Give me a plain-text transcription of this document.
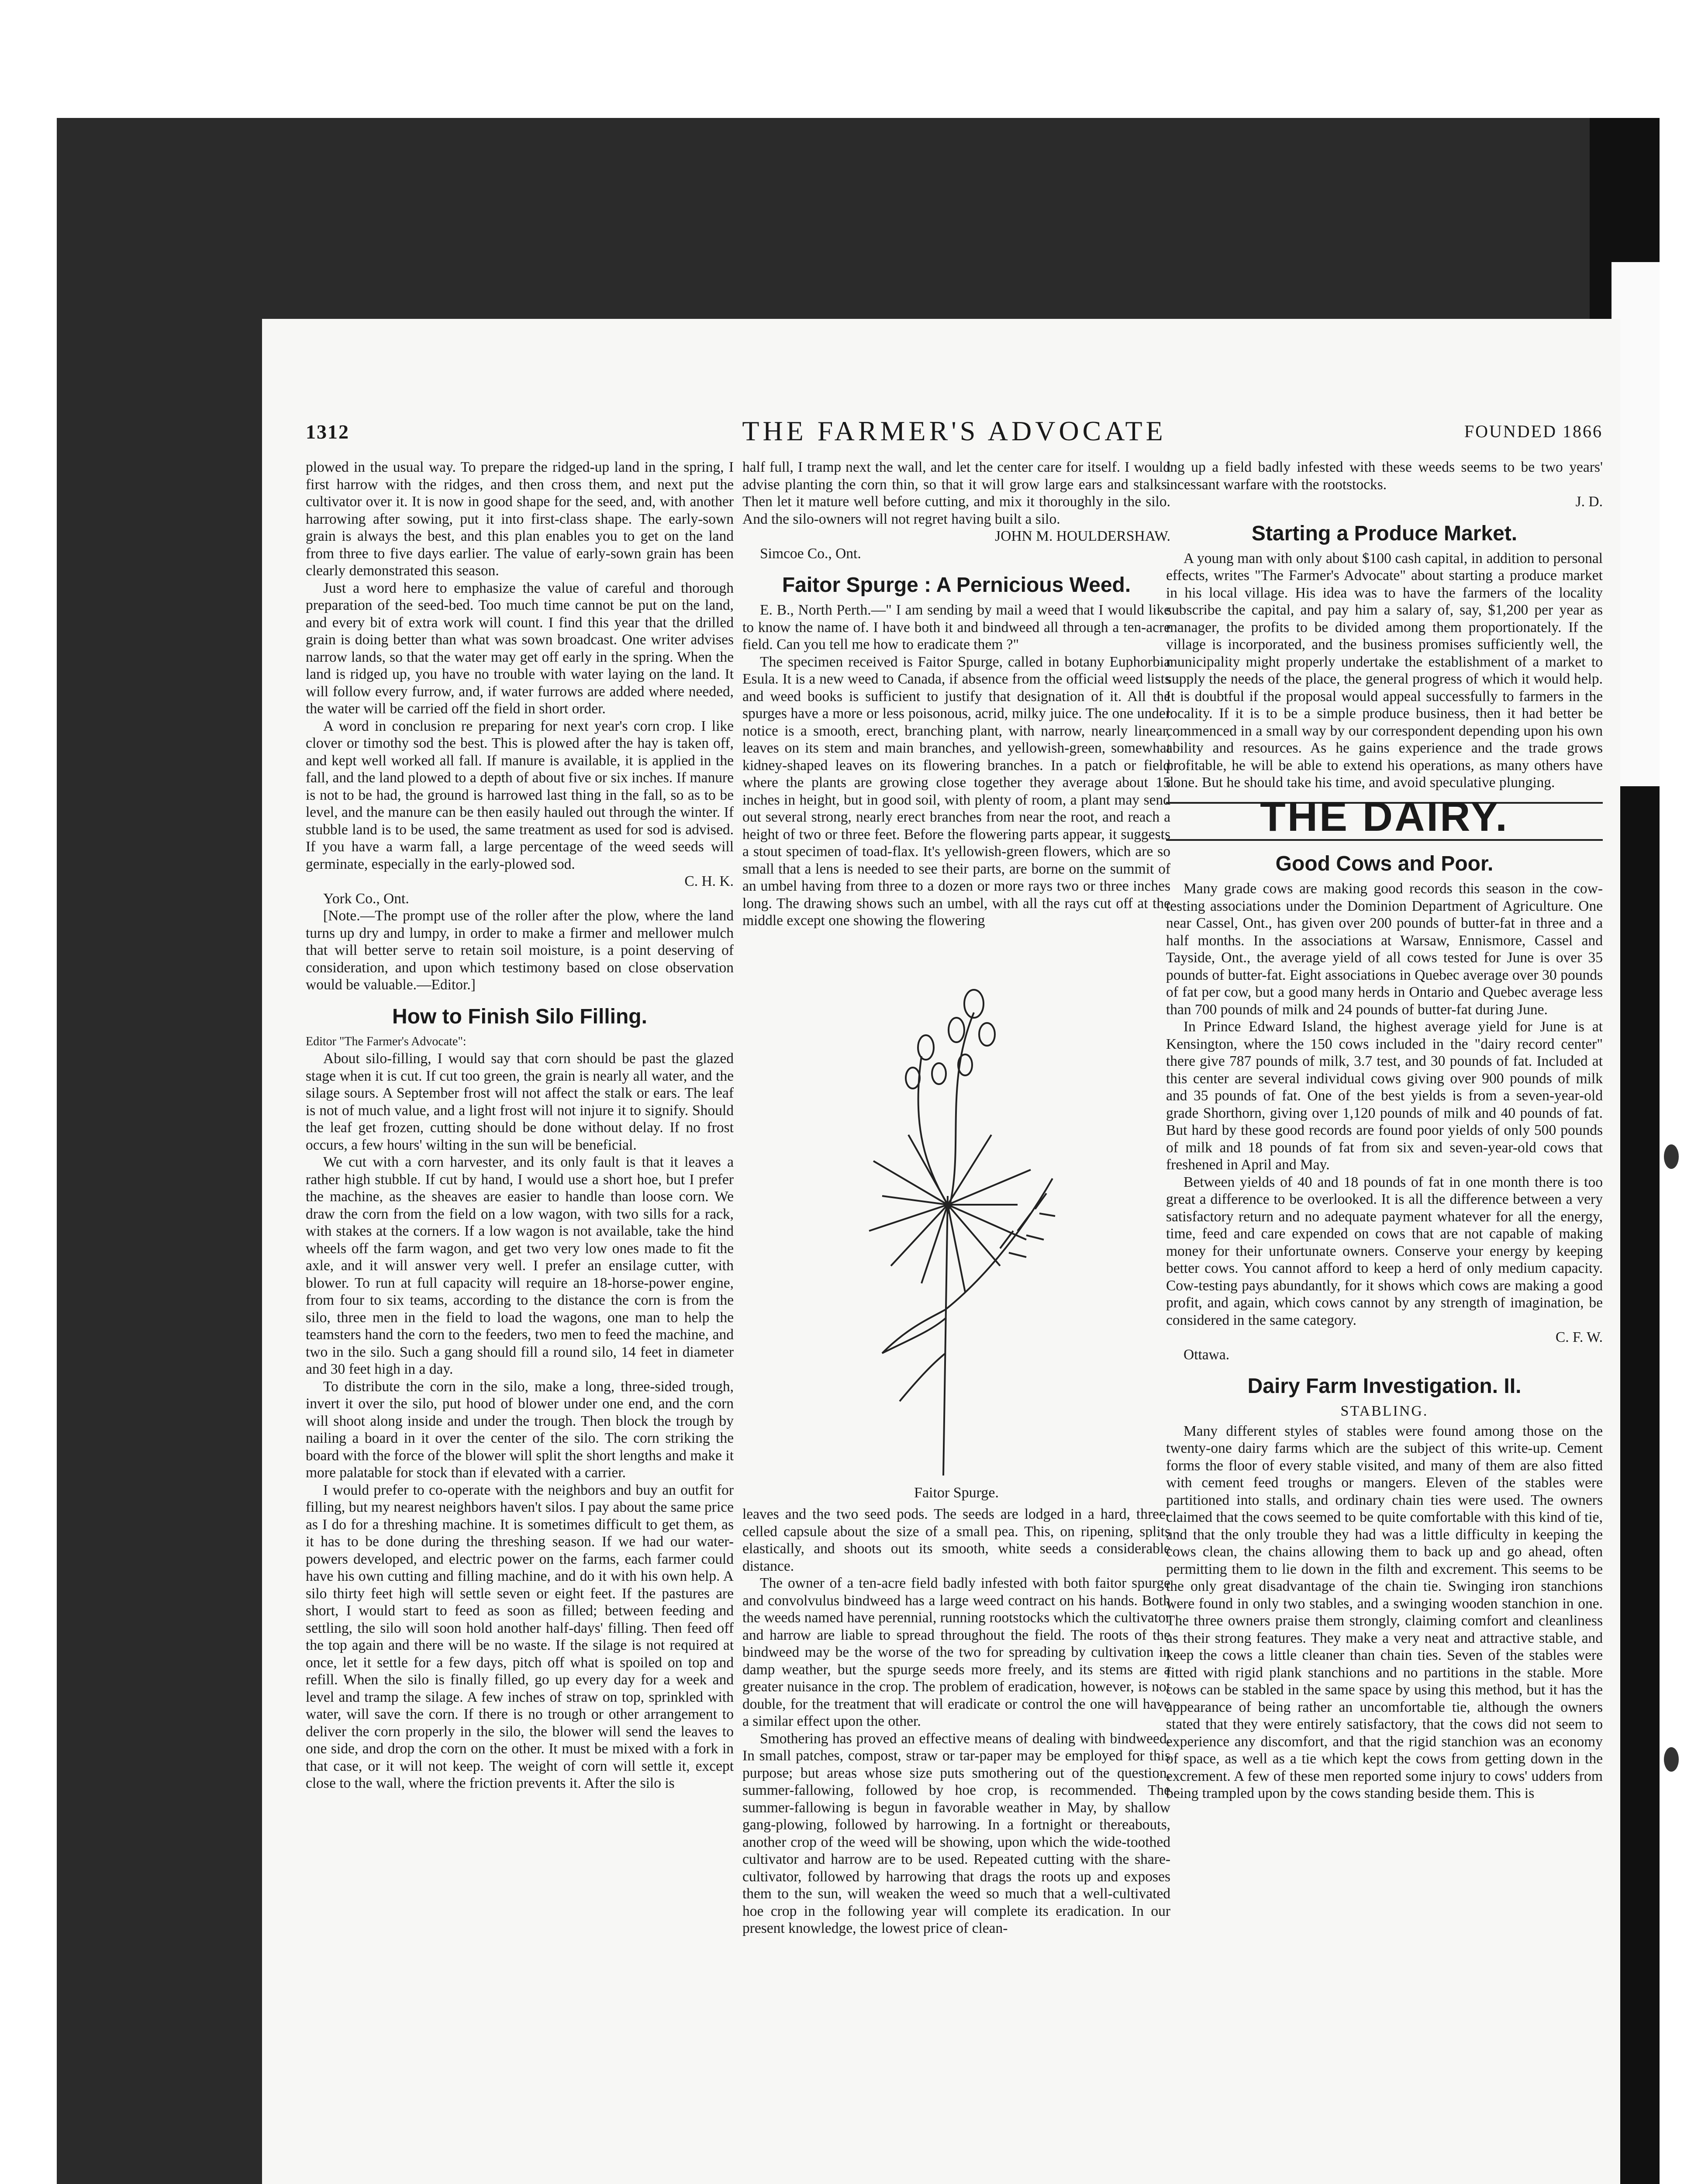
1312	THE FARMER'S ADVOCATE	FOUNDED 1866

plowed in the usual way. To prepare the ridged-up land in the spring, I first harrow with the ridges, and then cross them, and next put the cultivator over it. It is now in good shape for the seed, and, with another harrowing after sowing, put it into first-class shape. The early-sown grain is always the best, and this plan enables you to get on the land from three to five days earlier. The value of early-sown grain has been clearly demonstrated this season.

Just a word here to emphasize the value of careful and thorough preparation of the seed-bed. Too much time cannot be put on the land, and every bit of extra work will count. I find this year that the drilled grain is doing better than what was sown broadcast. One writer advises narrow lands, so that the water may get off early in the spring. When the land is ridged up, you have no trouble with water laying on the land. It will follow every furrow, and, if water furrows are added where needed, the water will be carried off the field in short order.

A word in conclusion re preparing for next year's corn crop. I like clover or timothy sod the best. This is plowed after the hay is taken off, and kept well worked all fall. If manure is available, it is applied in the fall, and the land plowed to a depth of about five or six inches. If manure is not to be had, the ground is harrowed last thing in the fall, so as to be level, and the manure can be then easily hauled out through the winter. If stubble land is to be used, the same treatment as used for sod is advised. If you have a warm fall, a large percentage of the weed seeds will germinate, especially in the early-plowed sod.

C. H. K.

York Co., Ont.

[Note.—The prompt use of the roller after the plow, where the land turns up dry and lumpy, in order to make a firmer and mellower mulch that will better serve to retain soil moisture, is a point deserving of consideration, and upon which testimony based on close observation would be valuable.—Editor.]

How to Finish Silo Filling.

Editor "The Farmer's Advocate":

About silo-filling, I would say that corn should be past the glazed stage when it is cut. If cut too green, the grain is nearly all water, and the silage sours. A September frost will not affect the stalk or ears. The leaf is not of much value, and a light frost will not injure it to signify. Should the leaf get frozen, cutting should be done without delay. If no frost occurs, a few hours' wilting in the sun will be beneficial.

We cut with a corn harvester, and its only fault is that it leaves a rather high stubble. If cut by hand, I would use a short hoe, but I prefer the machine, as the sheaves are easier to handle than loose corn. We draw the corn from the field on a low wagon, with two sills for a rack, with stakes at the corners. If a low wagon is not available, take the hind wheels off the farm wagon, and get two very low ones made to fit the axle, and it will answer very well. I prefer an ensilage cutter, with blower. To run at full capacity will require an 18-horse-power engine, from four to six teams, according to the distance the corn is from the silo, three men in the field to load the wagons, one man to help the teamsters hand the corn to the feeders, two men to feed the machine, and two in the silo. Such a gang should fill a round silo, 14 feet in diameter and 30 feet high in a day.

To distribute the corn in the silo, make a long, three-sided trough, invert it over the silo, put hood of blower under one end, and the corn will shoot along inside and under the trough. Then block the trough by nailing a board in it over the center of the silo. The corn striking the board with the force of the blower will split the short lengths and make it more palatable for stock than if elevated with a carrier.

I would prefer to co-operate with the neighbors and buy an outfit for filling, but my nearest neighbors haven't silos. I pay about the same price as I do for a threshing machine. It is sometimes difficult to get them, as it has to be done during the threshing season. If we had our water-powers developed, and electric power on the farms, each farmer could have his own cutting and filling machine, and do it with his own help. A silo thirty feet high will settle seven or eight feet. If the pastures are short, I would start to feed as soon as filled; between feeding and settling, the silo will soon hold another half-days' filling. Then feed off the top again and there will be no waste. If the silage is not required at once, let it settle for a few days, pitch off what is spoiled on top and refill. When the silo is finally filled, go up every day for a week and level and tramp the silage. A few inches of straw on top, sprinkled with water, will save the corn. If there is no trough or other arrangement to deliver the corn properly in the silo, the blower will send the leaves to one side, and drop the corn on the other. It must be mixed with a fork in that case, or it will not keep. The weight of corn will settle it, except close to the wall, where the friction prevents it. After the silo is

half full, I tramp next the wall, and let the center care for itself. I would advise planting the corn thin, so that it will grow large ears and stalks. Then let it mature well before cutting, and mix it thoroughly in the silo. And the silo-owners will not regret having built a silo.

JOHN M. HOULDERSHAW.

Simcoe Co., Ont.

Faitor Spurge : A Pernicious Weed.

E. B., North Perth.—" I am sending by mail a weed that I would like to know the name of. I have both it and bindweed all through a ten-acre field. Can you tell me how to eradicate them ?"

The specimen received is Faitor Spurge, called in botany Euphorbia Esula. It is a new weed to Canada, if absence from the official weed lists and weed books is sufficient to justify that designation of it. All the spurges have a more or less poisonous, acrid, milky juice. The one under notice is a smooth, erect, branching plant, with narrow, nearly linear, leaves on its stem and main branches, and yellowish-green, somewhat kidney-shaped leaves on its flowering branches. In a patch or field where the plants are growing close together they average about 15 inches in height, but in good soil, with plenty of room, a plant may send out several strong, nearly erect branches from near the root, and reach a height of two or three feet. Before the flowering parts appear, it suggests a stout specimen of toad-flax. It's yellowish-green flowers, which are so small that a lens is needed to see their parts, are borne on the summit of an umbel having from three to a dozen or more rays two or three inches long. The drawing shows such an umbel, with all the rays cut off at the middle except one showing the flowering

Faitor Spurge.

leaves and the two seed pods. The seeds are lodged in a hard, three-celled capsule about the size of a small pea. This, on ripening, splits elastically, and shoots out its smooth, white seeds a considerable distance.

The owner of a ten-acre field badly infested with both faitor spurge and convolvulus bindweed has a large weed contract on his hands. Both the weeds named have perennial, running rootstocks which the cultivator and harrow are liable to spread throughout the field. The roots of the bindweed may be the worse of the two for spreading by cultivation in damp weather, but the spurge seeds more freely, and its stems are a greater nuisance in the crop. The problem of eradication, however, is not double, for the treatment that will eradicate or control the one will have a similar effect upon the other.

Smothering has proved an effective means of dealing with bindweed. In small patches, compost, straw or tar-paper may be employed for this purpose; but areas whose size puts smothering out of the question, summer-fallowing, followed by hoe crop, is recommended. The summer-fallowing is begun in favorable weather in May, by shallow gang-plowing, followed by harrowing. In a fortnight or thereabouts, another crop of the weed will be showing, upon which the wide-toothed cultivator and harrow are to be used. Repeated cutting with the share-cultivator, followed by harrowing that drags the roots up and exposes them to the sun, will weaken the weed so much that a well-cultivated hoe crop in the following year will complete its eradication. In our present knowledge, the lowest price of clean-

ing up a field badly infested with these weeds seems to be two years' incessant warfare with the rootstocks.

J. D.

Starting a Produce Market.

A young man with only about $100 cash capital, in addition to personal effects, writes "The Farmer's Advocate" about starting a produce market in his local village. His idea was to have the farmers of the locality subscribe the capital, and pay him a salary of, say, $1,200 per year as manager, the profits to be divided among them proportionately. If the village is incorporated, and the business promises sufficiently well, the municipality might properly undertake the establishment of a market to supply the needs of the place, the general progress of which it would help. It is doubtful if the proposal would appeal successfully to farmers in the locality. If it is to be a simple produce business, then it had better be commenced in a small way by our correspondent depending upon his own ability and resources. As he gains experience and the trade grows profitable, he will be able to extend his operations, as many others have done. But he should take his time, and avoid speculative plunging.

THE DAIRY.
Good Cows and Poor.

Many grade cows are making good records this season in the cow-testing associations under the Dominion Department of Agriculture. One near Cassel, Ont., has given over 200 pounds of butter-fat in three and a half months. In the associations at Warsaw, Ennismore, Cassel and Tayside, Ont., the average yield of all cows tested for June is over 35 pounds of butter-fat. Eight associations in Quebec average over 30 pounds of fat per cow, but a good many herds in Ontario and Quebec average less than 700 pounds of milk and 24 pounds of butter-fat during June.

In Prince Edward Island, the highest average yield for June is at Kensington, where the 150 cows included in the "dairy record center" there give 787 pounds of milk, 3.7 test, and 30 pounds of fat. Included at this center are several individual cows giving over 900 pounds of milk and 35 pounds of fat. One of the best yields is from a seven-year-old grade Shorthorn, giving over 1,120 pounds of milk and 40 pounds of fat. But hard by these good records are found poor yields of only 500 pounds of milk and 18 pounds of fat from six and seven-year-old cows that freshened in April and May.

Between yields of 40 and 18 pounds of fat in one month there is too great a difference to be overlooked. It is all the difference between a very satisfactory return and no adequate payment whatever for all the energy, time, feed and care expended on cows that are not capable of making money for their unfortunate owners. Conserve your energy by keeping better cows. You cannot afford to keep a herd of only medium capacity. Cow-testing pays abundantly, for it shows which cows are making a good profit, and again, which cows cannot by any strength of imagination, be considered in the same category.

C. F. W.

Ottawa.

Dairy Farm Investigation. II.
STABLING.

Many different styles of stables were found among those on the twenty-one dairy farms which are the subject of this write-up. Cement forms the floor of every stable visited, and many of them are also fitted with cement feed troughs or mangers. Eleven of the stables were partitioned into stalls, and ordinary chain ties were used. The owners claimed that the cows seemed to be quite comfortable with this kind of tie, and that the only trouble they had was a little difficulty in keeping the cows clean, the chains allowing them to back up and go ahead, often permitting them to lie down in the filth and excrement. This seems to be the only great disadvantage of the chain tie. Swinging iron stanchions were found in only two stables, and a swinging wooden stanchion in one. The three owners praise them strongly, claiming comfort and cleanliness as their strong features. They make a very neat and attractive stable, and keep the cows a little cleaner than chain ties. Seven of the stables were fitted with rigid plank stanchions and no partitions in the stable. More cows can be stabled in the same space by using this method, but it has the appearance of being rather an uncomfortable tie, although the owners stated that they were entirely satisfactory, that the cows did not seem to experience any discomfort, and that the rigid stanchion was an economy of space, as well as a tie which kept the cows from getting down in the excrement. A few of these men reported some injury to cows' udders from being trampled upon by the cows standing beside them. This is
